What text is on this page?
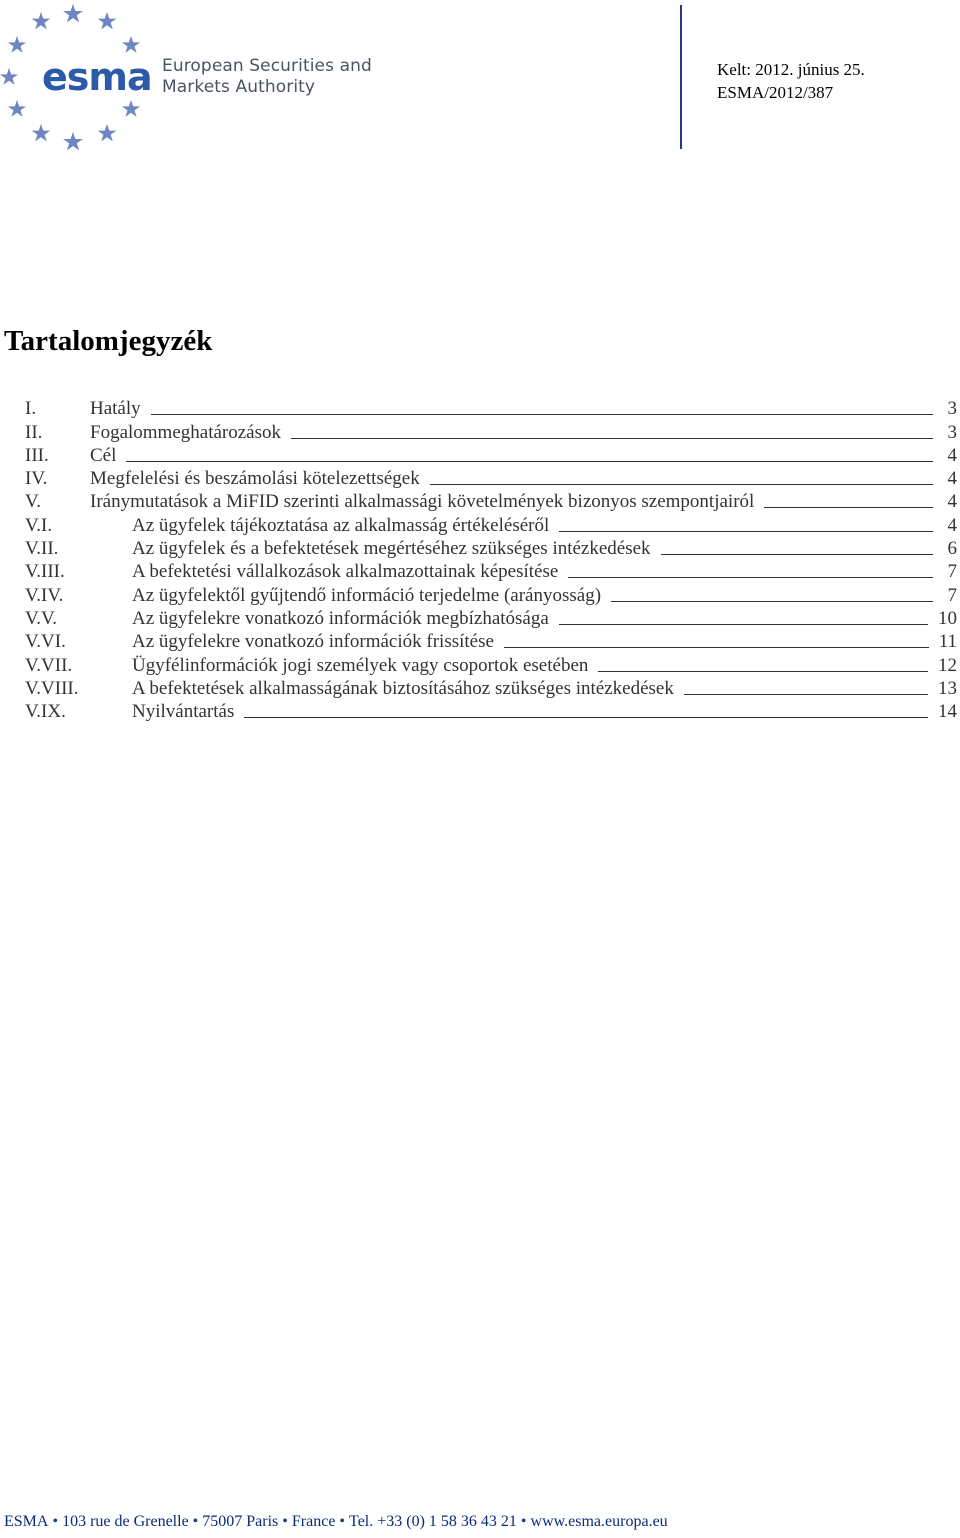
esma European Securities and
Markets Authority
Kelt: 2012. június 25.
ESMA/2012/387
Tartalomjegyzék
I.	Hatály	3
II.	Fogalommeghatározások	3
III.	Cél	4
IV.	Megfelelési és beszámolási kötelezettségek	4
V.	Iránymutatások a MiFID szerinti alkalmassági követelmények bizonyos szempontjairól	4
V.I.	Az ügyfelek tájékoztatása az alkalmasság értékeléséről	4
V.II.	Az ügyfelek és a befektetések megértéséhez szükséges intézkedések	6
V.III.	A befektetési vállalkozások alkalmazottainak képesítése	7
V.IV.	Az ügyfelektől gyűjtendő információ terjedelme (arányosság)	7
V.V.	Az ügyfelekre vonatkozó információk megbízhatósága	10
V.VI.	Az ügyfelekre vonatkozó információk frissítése	11
V.VII.	Ügyfélinformációk jogi személyek vagy csoportok esetében	12
V.VIII.	A befektetések alkalmasságának biztosításához szükséges intézkedések	13
V.IX.	Nyilvántartás	14
ESMA • 103 rue de Grenelle • 75007 Paris • France • Tel. +33 (0) 1 58 36 43 21 • www.esma.europa.eu
